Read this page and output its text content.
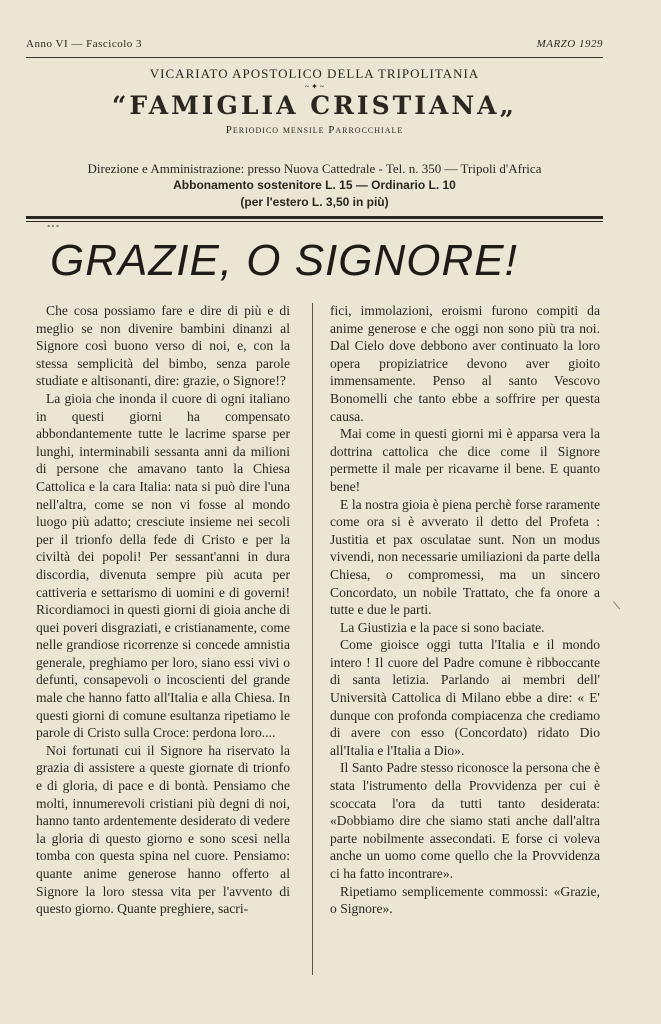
Anno VI — Fascicolo 3	MARZO 1929
VICARIATO APOSTOLICO DELLA TRIPOLITANIA
~ ✦ ~
“FAMIGLIA CRISTIANA„
Periodico mensile Parrocchiale
Direzione e Amministrazione: presso Nuova Cattedrale - Tel. n. 350 — Tripoli d'Africa
Abbonamento sostenitore L. 15 — Ordinario L. 10
(per l'estero L. 3,50 in più)
∘∘∘
GRAZIE, O SIGNORE!

Che cosa possiamo fare e dire di più e di meglio se non divenire bambini dinanzi al Signore così buono verso di noi, e, con la stessa semplicità del bimbo, senza parole studiate e altisonanti, dire: grazie, o Signore!?

La gioia che inonda il cuore di ogni italiano in questi giorni ha compensato abbondantemente tutte le lacrime sparse per lunghi, interminabili sessanta anni da milioni di persone che amavano tanto la Chiesa Cattolica e la cara Italia: nata si può dire l'una nell'altra, come se non vi fosse al mondo luogo più adatto; cresciute insieme nei secoli per il trionfo della fede di Cristo e per la civiltà dei popoli! Per sessant'anni in dura discordia, divenuta sempre più acuta per cattiveria e settarismo di uomini e di governi! Ricordiamoci in questi giorni di gioia anche di quei poveri disgraziati, e cristianamente, come nelle grandiose ricorrenze si concede amnistia generale, preghiamo per loro, siano essi vivi o defunti, consapevoli o incoscienti del grande male che hanno fatto all'Italia e alla Chiesa. In questi giorni di comune esultanza ripetiamo le parole di Cristo sulla Croce: perdona loro....

Noi fortunati cui il Signore ha riservato la grazia di assistere a queste giornate di trionfo e di gloria, di pace e di bontà. Pensiamo che molti, innumerevoli cristiani più degni di noi, hanno tanto ardentemente desiderato di vedere la gloria di questo giorno e sono scesi nella tomba con questa spina nel cuore. Pensiamo: quante anime generose hanno offerto al Signore la loro stessa vita per l'avvento di questo giorno. Quante preghiere, sacri-

fici, immolazioni, eroismi furono compiti da anime generose e che oggi non sono più tra noi. Dal Cielo dove debbono aver continuato la loro opera propiziatrice devono aver gioito immensamente. Penso al santo Vescovo Bonomelli che tanto ebbe a soffrire per questa causa.

Mai come in questi giorni mi è apparsa vera la dottrina cattolica che dice come il Signore permette il male per ricavarne il bene. E quanto bene!

E la nostra gioia è piena perchè forse raramente come ora si è avverato il detto del Profeta : Justitia et pax osculatae sunt. Non un modus vivendi, non necessarie umiliazioni da parte della Chiesa, o compromessi, ma un sincero Concordato, un nobile Trattato, che fa onore a tutte e due le parti.

La Giustizia e la pace si sono baciate.

Come gioisce oggi tutta l'Italia e il mondo intero ! Il cuore del Padre comune è ribboccante di santa letizia. Parlando ai membri dell' Università Cattolica di Milano ebbe a dire: « E' dunque con profonda compiacenza che crediamo di avere con esso (Concordato) ridato Dio all'Italia e l'Italia a Dio».

Il Santo Padre stesso riconosce la persona che è stata l'istrumento della Provvidenza per cui è scoccata l'ora da tutti tanto desiderata: «Dobbiamo dire che siamo stati anche dall'altra parte nobilmente assecondati. E forse ci voleva anche un uomo come quello che la Provvidenza ci ha fatto incontrare».

Ripetiamo semplicemente commossi: «Grazie, o Signore».
